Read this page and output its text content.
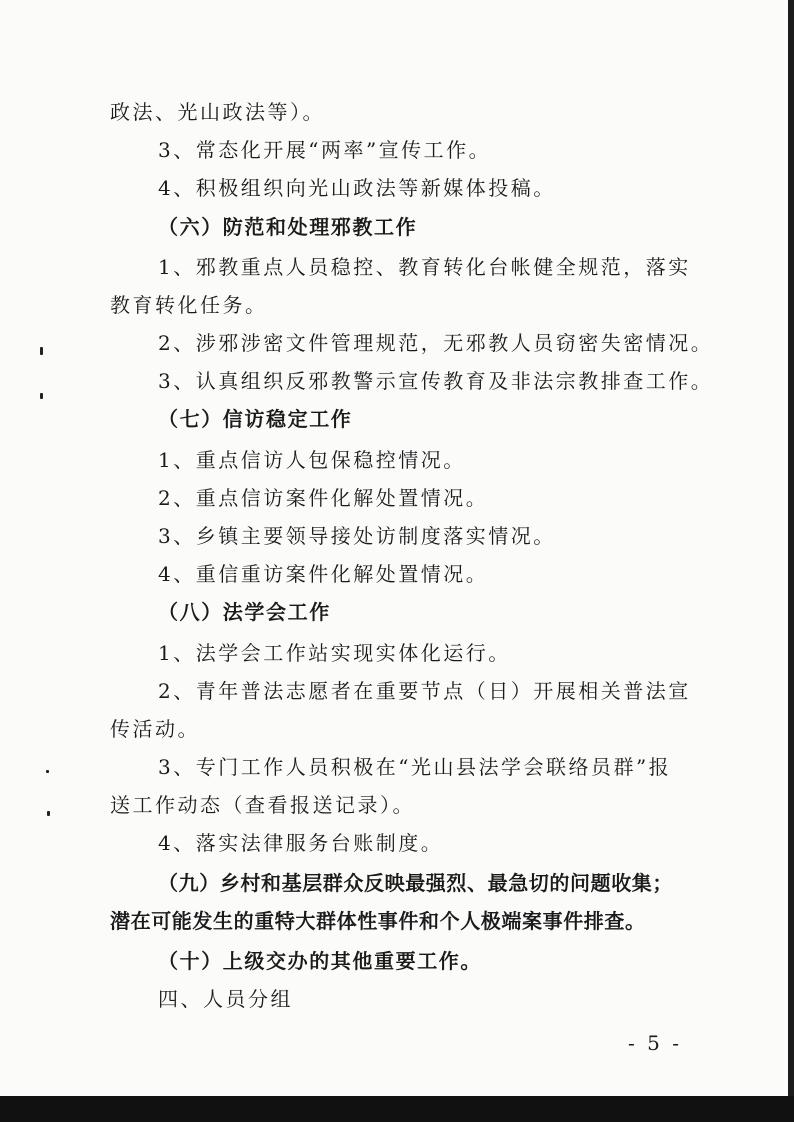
政法、光山政法等）。
3、常态化开展“两率”宣传工作。
4、积极组织向光山政法等新媒体投稿。
（六）防范和处理邪教工作
1、邪教重点人员稳控、教育转化台帐健全规范，落实
教育转化任务。
2、涉邪涉密文件管理规范，无邪教人员窃密失密情况。
3、认真组织反邪教警示宣传教育及非法宗教排查工作。
（七）信访稳定工作
1、重点信访人包保稳控情况。
2、重点信访案件化解处置情况。
3、乡镇主要领导接处访制度落实情况。
4、重信重访案件化解处置情况。
（八）法学会工作
1、法学会工作站实现实体化运行。
2、青年普法志愿者在重要节点（日）开展相关普法宣
传活动。
3、专门工作人员积极在“光山县法学会联络员群”报
送工作动态（查看报送记录）。
4、落实法律服务台账制度。
（九）乡村和基层群众反映最强烈、最急切的问题收集；
潜在可能发生的重特大群体性事件和个人极端案事件排查。
（十）上级交办的其他重要工作。
四、人员分组
- 5 -
